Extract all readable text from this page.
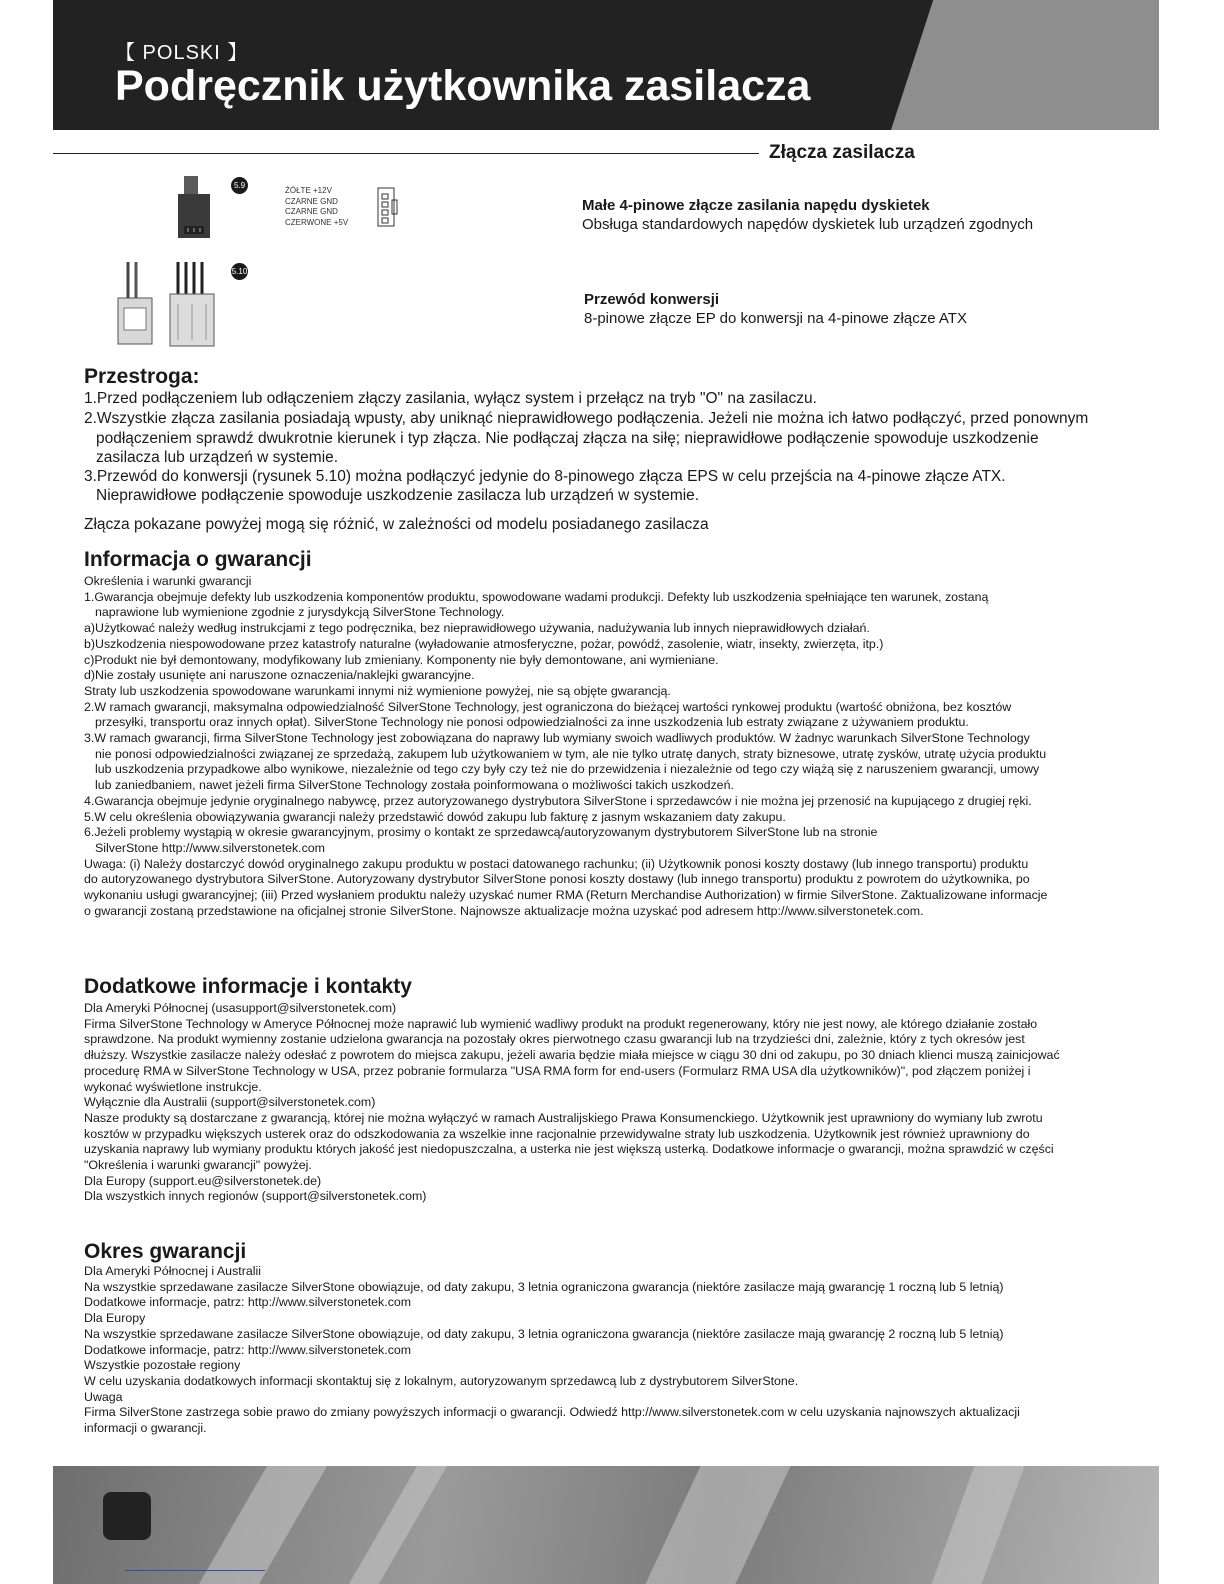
【 POLSKI 】
Podręcznik użytkownika zasilacza
Złącza zasilacza
5.9
ŻÓŁTE +12V
CZARNE GND
CZARNE GND
CZERWONE +5V
Małe 4-pinowe złącze zasilania napędu dyskietek
Obsługa standardowych napędów dyskietek lub urządzeń zgodnych
5.10
Przewód konwersji
8-pinowe złącze EP do konwersji na 4-pinowe złącze ATX
Przestroga:

1.Przed podłączeniem lub odłączeniem złączy zasilania, wyłącz system i przełącz na tryb "O" na zasilaczu.

2.Wszystkie złącza zasilania posiadają wpusty, aby uniknąć nieprawidłowego podłączenia. Jeżeli nie można ich łatwo podłączyć, przed ponownym podłączeniem sprawdź dwukrotnie kierunek i typ złącza. Nie podłączaj złącza na siłę; nieprawidłowe podłączenie spowoduje uszkodzenie zasilacza lub urządzeń w systemie.

3.Przewód do konwersji (rysunek 5.10) można podłączyć jedynie do 8-pinowego złącza EPS w celu przejścia na 4-pinowe złącze ATX. Nieprawidłowe podłączenie spowoduje uszkodzenie zasilacza lub urządzeń w systemie.

Złącza pokazane powyżej mogą się różnić, w zależności od modelu posiadanego zasilacza

Informacja o gwarancji

Określenia i warunki gwarancji

1.Gwarancja obejmuje defekty lub uszkodzenia komponentów produktu, spowodowane wadami produkcji. Defekty lub uszkodzenia spełniające ten warunek, zostaną

naprawione lub wymienione zgodnie z jurysdykcją SilverStone Technology.

a)Użytkować należy według instrukcjami z tego podręcznika, bez nieprawidłowego używania, nadużywania lub innych nieprawidłowych działań.

b)Uszkodzenia niespowodowane przez katastrofy naturalne (wyładowanie atmosferyczne, pożar, powódź, zasolenie, wiatr, insekty, zwierzęta, itp.)

c)Produkt nie był demontowany, modyfikowany lub zmieniany. Komponenty nie były demontowane, ani wymieniane.

d)Nie zostały usunięte ani naruszone oznaczenia/naklejki gwarancyjne.

Straty lub uszkodzenia spowodowane warunkami innymi niż wymienione powyżej, nie są objęte gwarancją.

2.W ramach gwarancji, maksymalna odpowiedzialność SilverStone Technology, jest ograniczona do bieżącej wartości rynkowej produktu (wartość obniżona, bez kosztów

przesyłki, transportu oraz innych opłat). SilverStone Technology nie ponosi odpowiedzialności za inne uszkodzenia lub estraty związane z używaniem produktu.

3.W ramach gwarancji, firma SilverStone Technology jest zobowiązana do naprawy lub wymiany swoich wadliwych produktów. W żadnyc warunkach SilverStone Technology

nie ponosi odpowiedzialności związanej ze sprzedażą, zakupem lub użytkowaniem w tym, ale nie tylko utratę danych, straty biznesowe, utratę zysków, utratę użycia produktu

lub uszkodzenia przypadkowe albo wynikowe, niezależnie od tego czy były czy też nie do przewidzenia i niezależnie od tego czy wiążą się z naruszeniem gwarancji, umowy

lub zaniedbaniem, nawet jeżeli firma SilverStone Technology została poinformowana o możliwości takich uszkodzeń.

4.Gwarancja obejmuje jedynie oryginalnego nabywcę, przez autoryzowanego dystrybutora SilverStone i sprzedawców i nie można jej przenosić na kupującego z drugiej ręki.

5.W celu określenia obowiązywania gwarancji należy przedstawić dowód zakupu lub fakturę z jasnym wskazaniem daty zakupu.

6.Jeżeli problemy wystąpią w okresie gwarancyjnym, prosimy o kontakt ze sprzedawcą/autoryzowanym dystrybutorem SilverStone lub na stronie

SilverStone http://www.silverstonetek.com

Uwaga: (i) Należy dostarczyć dowód oryginalnego zakupu produktu w postaci datowanego rachunku; (ii) Użytkownik ponosi koszty dostawy (lub innego transportu) produktu

do autoryzowanego dystrybutora SilverStone. Autoryzowany dystrybutor SilverStone ponosi koszty dostawy (lub innego transportu) produktu z powrotem do użytkownika, po

wykonaniu usługi gwarancyjnej; (iii) Przed wysłaniem produktu należy uzyskać numer RMA (Return Merchandise Authorization) w firmie SilverStone. Zaktualizowane informacje

o gwarancji zostaną przedstawione na oficjalnej stronie SilverStone. Najnowsze aktualizacje można uzyskać pod adresem http://www.silverstonetek.com.

Dodatkowe informacje i kontakty

Dla Ameryki Północnej (usasupport@silverstonetek.com)

Firma SilverStone Technology w Ameryce Północnej może naprawić lub wymienić wadliwy produkt na produkt regenerowany, który nie jest nowy, ale którego działanie zostało

sprawdzone. Na produkt wymienny zostanie udzielona gwarancja na pozostały okres pierwotnego czasu gwarancji lub na trzydzieści dni, zależnie, który z tych okresów jest

dłuższy. Wszystkie zasilacze należy odesłać z powrotem do miejsca zakupu, jeżeli awaria będzie miała miejsce w ciągu 30 dni od zakupu, po 30 dniach klienci muszą zainicjować

procedurę RMA w SilverStone Technology w USA, przez pobranie formularza "USA RMA form for end-users (Formularz RMA USA dla użytkowników)", pod złączem poniżej i

wykonać wyświetlone instrukcje.

Wyłącznie dla Australii (support@silverstonetek.com)

Nasze produkty są dostarczane z gwarancją, której nie można wyłączyć w ramach Australijskiego Prawa Konsumenckiego. Użytkownik jest uprawniony do wymiany lub zwrotu

kosztów w przypadku większych usterek oraz do odszkodowania za wszelkie inne racjonalnie przewidywalne straty lub uszkodzenia. Użytkownik jest również uprawniony do

uzyskania naprawy lub wymiany produktu których jakość jest niedopuszczalna, a usterka nie jest większą usterką. Dodatkowe informacje o gwarancji, można sprawdzić w części

"Określenia i warunki gwarancji" powyżej.

Dla Europy (support.eu@silverstonetek.de)

Dla wszystkich innych regionów (support@silverstonetek.com)

Okres gwarancji

Dla Ameryki Północnej i Australii

Na wszystkie sprzedawane zasilacze SilverStone obowiązuje, od daty zakupu, 3 letnia ograniczona gwarancja (niektóre zasilacze mają gwarancję 1 roczną lub 5 letnią)

Dodatkowe informacje, patrz: http://www.silverstonetek.com

Dla Europy

Na wszystkie sprzedawane zasilacze SilverStone obowiązuje, od daty zakupu, 3 letnia ograniczona gwarancja (niektóre zasilacze mają gwarancję 2 roczną lub 5 letnią)

Dodatkowe informacje, patrz: http://www.silverstonetek.com

Wszystkie pozostałe regiony

W celu uzyskania dodatkowych informacji skontaktuj się z lokalnym, autoryzowanym sprzedawcą lub z dystrybutorem SilverStone.

Uwaga

Firma SilverStone zastrzega sobie prawo do zmiany powyższych informacji o gwarancji. Odwiedź http://www.silverstonetek.com w celu uzyskania najnowszych aktualizacji

informacji o gwarancji.
